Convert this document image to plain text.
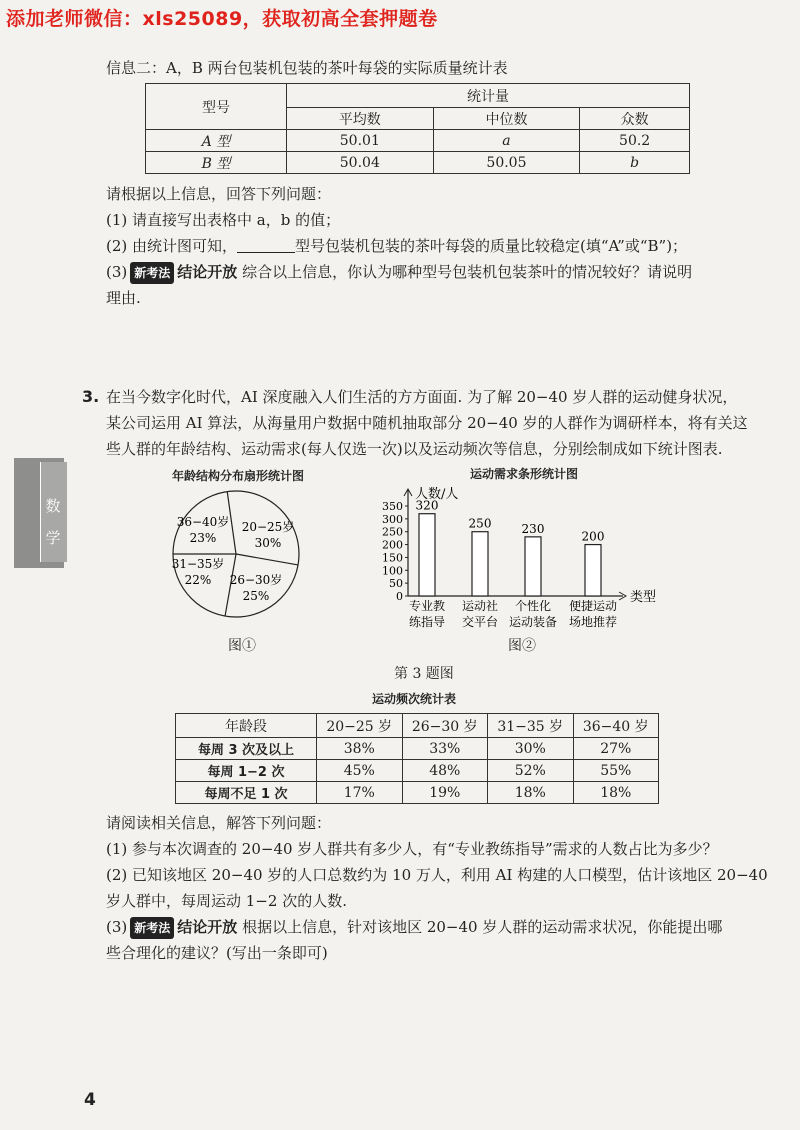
添加老师微信：xls25089，获取初高全套押题卷
信息二：A，B 两台包装机包装的茶叶每袋的实际质量统计表
型号	统计量		
	平均数	中位数	众数
A 型	50.01	a	50.2
B 型	50.04	50.05	b
请根据以上信息，回答下列问题：
(1) 请直接写出表格中 a，b 的值；
(2) 由统计图可知，	型号包装机包装的茶叶每袋的质量比较稳定(填“A”或“B”)；
(3) 新考法 结论开放 综合以上信息，你认为哪种型号包装机包装茶叶的情况较好？请说明
理由.
3. 在当今数字化时代，AI 深度融入人们生活的方方面面. 为了解 20−40 岁人群的运动健身状况，
某公司运用 AI 算法，从海量用户数据中随机抽取部分 20−40 岁的人群作为调研样本，将有关这
些人群的年龄结构、运动需求(每人仅选一次)以及运动频次等信息，分别绘制成如下统计图表.
数
学
年龄结构分布扇形统计图	运动需求条形统计图
20−25岁
30%
26−30岁
25%
31−35岁
22%
36−40岁
23%
图①
人数/人
类型
0
50
100
150
200
250
300
350 320
专业教
练指导
250
运动社
交平台
230
个性化
运动装备
200
便捷运动
场地推荐
图②
第 3 题图
运动频次统计表
年龄段	20−25 岁	26−30 岁	31−35 岁	36−40 岁
每周 3 次及以上	38%	33%	30%	27%
每周 1−2 次	45%	48%	52%	55%
每周不足 1 次	17%	19%	18%	18%
请阅读相关信息，解答下列问题：
(1) 参与本次调查的 20−40 岁人群共有多少人，有“专业教练指导”需求的人数占比为多少？
(2) 已知该地区 20−40 岁的人口总数约为 10 万人，利用 AI 构建的人口模型，估计该地区 20−40
岁人群中，每周运动 1−2 次的人数.
(3) 新考法 结论开放 根据以上信息，针对该地区 20−40 岁人群的运动需求状况，你能提出哪
些合理化的建议？(写出一条即可)
4
